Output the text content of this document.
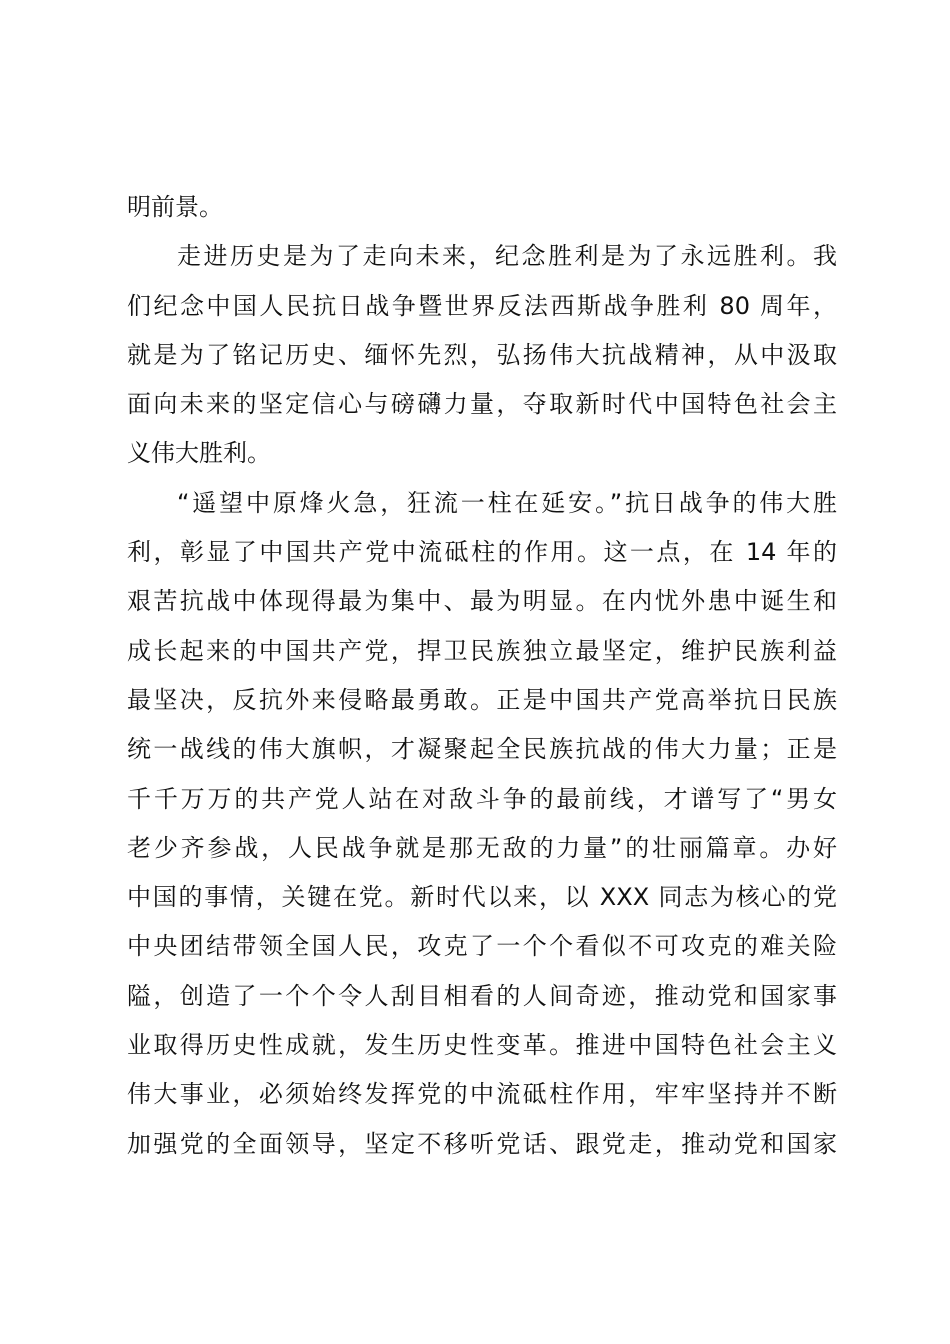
明前景。
走进历史是为了走向未来，纪念胜利是为了永远胜利。我
们纪念中国人民抗日战争暨世界反法西斯战争胜利 80 周年，
就是为了铭记历史、缅怀先烈，弘扬伟大抗战精神，从中汲取
面向未来的坚定信心与磅礴力量，夺取新时代中国特色社会主
义伟大胜利。
“遥望中原烽火急，狂流一柱在延安。”抗日战争的伟大胜
利，彰显了中国共产党中流砥柱的作用。这一点，在 14 年的
艰苦抗战中体现得最为集中、最为明显。在内忧外患中诞生和
成长起来的中国共产党，捍卫民族独立最坚定，维护民族利益
最坚决，反抗外来侵略最勇敢。正是中国共产党高举抗日民族
统一战线的伟大旗帜，才凝聚起全民族抗战的伟大力量；正是
千千万万的共产党人站在对敌斗争的最前线，才谱写了“男女
老少齐参战，人民战争就是那无敌的力量”的壮丽篇章。办好
中国的事情，关键在党。新时代以来，以 XXX 同志为核心的党
中央团结带领全国人民，攻克了一个个看似不可攻克的难关险
隘，创造了一个个令人刮目相看的人间奇迹，推动党和国家事
业取得历史性成就，发生历史性变革。推进中国特色社会主义
伟大事业，必须始终发挥党的中流砥柱作用，牢牢坚持并不断
加强党的全面领导，坚定不移听党话、跟党走，推动党和国家
